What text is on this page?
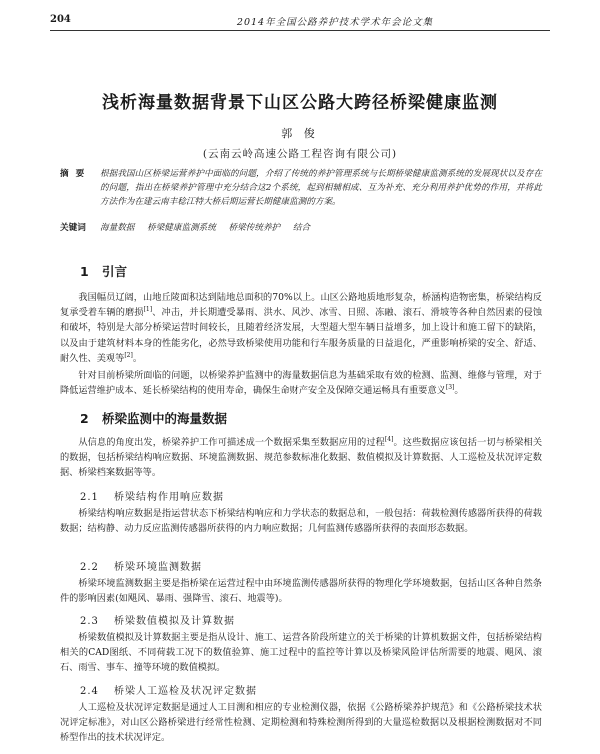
204	2014年全国公路养护技术学术年会论文集
浅析海量数据背景下山区公路大跨径桥梁健康监测
郭 俊
(云南云岭高速公路工程咨询有限公司)
摘 要	根据我国山区桥梁运营养护中面临的问题，介绍了传统的养护管理系统与长期桥梁健康监测系统的发展现状以及存在的问题，指出在桥梁养护管理中充分结合这2个系统，起到相辅相成、互为补充、充分利用养护优势的作用，并将此方法作为在建云南丰稔江特大桥后期运营长期健康监测的方案。
关键词	海量数据 桥梁健康监测系统 桥梁传统养护 结合
1 引言
我国幅员辽阔，山地丘陵面积达到陆地总面积的70%以上。山区公路地质地形复杂，桥涵构造物密集，桥梁结构反复承受着车辆的磨损[1]、冲击，并长期遭受暴雨、洪水、风沙、冰雪、日照、冻融、滚石、滑坡等各种自然因素的侵蚀和破坏，特别是大部分桥梁运营时间较长，且随着经济发展，大型超大型车辆日益增多，加上设计和施工留下的缺陷，以及由于建筑材料本身的性能劣化，必然导致桥梁使用功能和行车服务质量的日益退化，严重影响桥梁的安全、舒适、耐久性、美观等[2]。
针对目前桥梁所面临的问题，以桥梁养护监测中的海量数据信息为基础采取有效的检测、监测、维修与管理，对于降低运营维护成本、延长桥梁结构的使用寿命，确保生命财产安全及保障交通运畅具有重要意义[3]。
2 桥梁监测中的海量数据
从信息的角度出发，桥梁养护工作可描述成一个数据采集至数据应用的过程[4]。这些数据应该包括一切与桥梁相关的数据，包括桥梁结构响应数据、环境监测数据、规范参数标准化数据、数值模拟及计算数据、人工巡检及状况评定数据、桥梁档案数据等等。
2.1 桥梁结构作用响应数据
桥梁结构响应数据是指运营状态下桥梁结构响应和力学状态的数据总和，一般包括：荷载检测传感器所获得的荷载数据；结构静、动力反应监测传感器所获得的内力响应数据；几何监测传感器所获得的表面形态数据。
2.2 桥梁环境监测数据
桥梁环境监测数据主要是指桥梁在运营过程中由环境监测传感器所获得的物理化学环境数据，包括山区各种自然条件的影响因素(如飓风、暴雨、强降雪、滚石、地震等)。
2.3 桥梁数值模拟及计算数据
桥梁数值模拟及计算数据主要是指从设计、施工、运营各阶段所建立的关于桥梁的计算机数据文件，包括桥梁结构相关的CAD图纸、不同荷载工况下的数值验算、施工过程中的监控等计算以及桥梁风险评估所需要的地震、飓风、滚石、雨雪、事车、撞等环境的数值模拟。
2.4 桥梁人工巡检及状况评定数据
人工巡检及状况评定数据是通过人工目测和相应的专业检测仪器，依据《公路桥梁养护规范》和《公路桥梁技术状况评定标准》，对山区公路桥梁进行经常性检测、定期检测和特殊检测所得到的大量巡检数据以及根据检测数据对不同桥型作出的技术状况评定。
